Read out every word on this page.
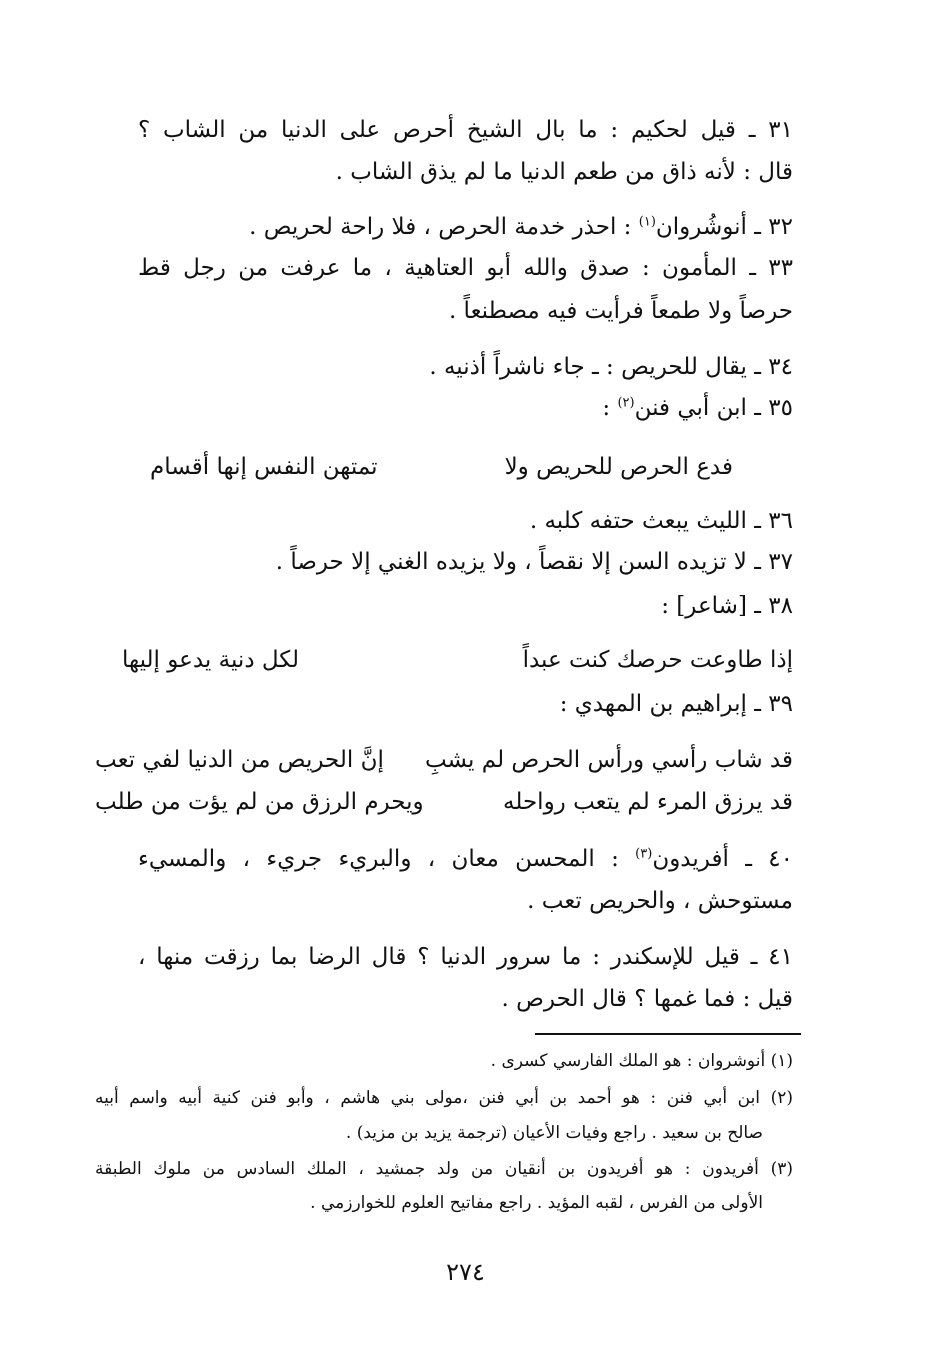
٣١ ـ قيل لحكيم : ما بال الشيخ أحرص على الدنيا من الشاب ؟
قال : لأنه ذاق من طعم الدنيا ما لم يذق الشاب .
٣٢ ـ أنوشُروان$^{(١)}$ : احذر خدمة الحرص ، فلا راحة لحريص .
٣٣ ـ المأمون : صدق والله أبو العتاهية ، ما عرفت من رجل قط
حرصاً ولا طمعاً فرأيت فيه مصطنعاً .
٣٤ ـ يقال للحريص : ـ جاء ناشراً أذنيه .
٣٥ ـ ابن أبي فنن$^{(٢)}$ :
فدع الحرص للحريص ولا
تمتهن النفس إنها أقسام
٣٦ ـ الليث يبعث حتفه كلبه .
٣٧ ـ لا تزيده السن إلا نقصاً ، ولا يزيده الغني إلا حرصاً .
٣٨ ـ [شاعر] :
إذا طاوعت حرصك كنت عبداً
لكل دنية يدعو إليها
٣٩ ـ إبراهيم بن المهدي :
قد شاب رأسي ورأس الحرص لم يشبِ
إنَّ الحريص من الدنيا لفي تعب
قد يرزق المرء لم يتعب رواحله
ويحرم الرزق من لم يؤت من طلب
٤٠ ـ أفريدون$^{(٣)}$ : المحسن معان ، والبريء جريء ، والمسيء
مستوحش ، والحريص تعب .
٤١ ـ قيل للإسكندر : ما سرور الدنيا ؟ قال الرضا بما رزقت منها ،
قيل : فما غمها ؟ قال الحرص .
(١) أنوشروان : هو الملك الفارسي كسرى .
(٢) ابن أبي فنن : هو أحمد بن أبي فنن ،مولى بني هاشم ، وأبو فنن كنية أبيه واسم أبيه
صالح بن سعيد . راجع وفيات الأعيان (ترجمة يزيد بن مزيد) .
(٣) أفريدون : هو أفريدون بن أنقيان من ولد جمشيد ، الملك السادس من ملوك الطبقة
الأولى من الفرس ، لقبه المؤيد . راجع مفاتيح العلوم للخوارزمي .
٢٧٤
